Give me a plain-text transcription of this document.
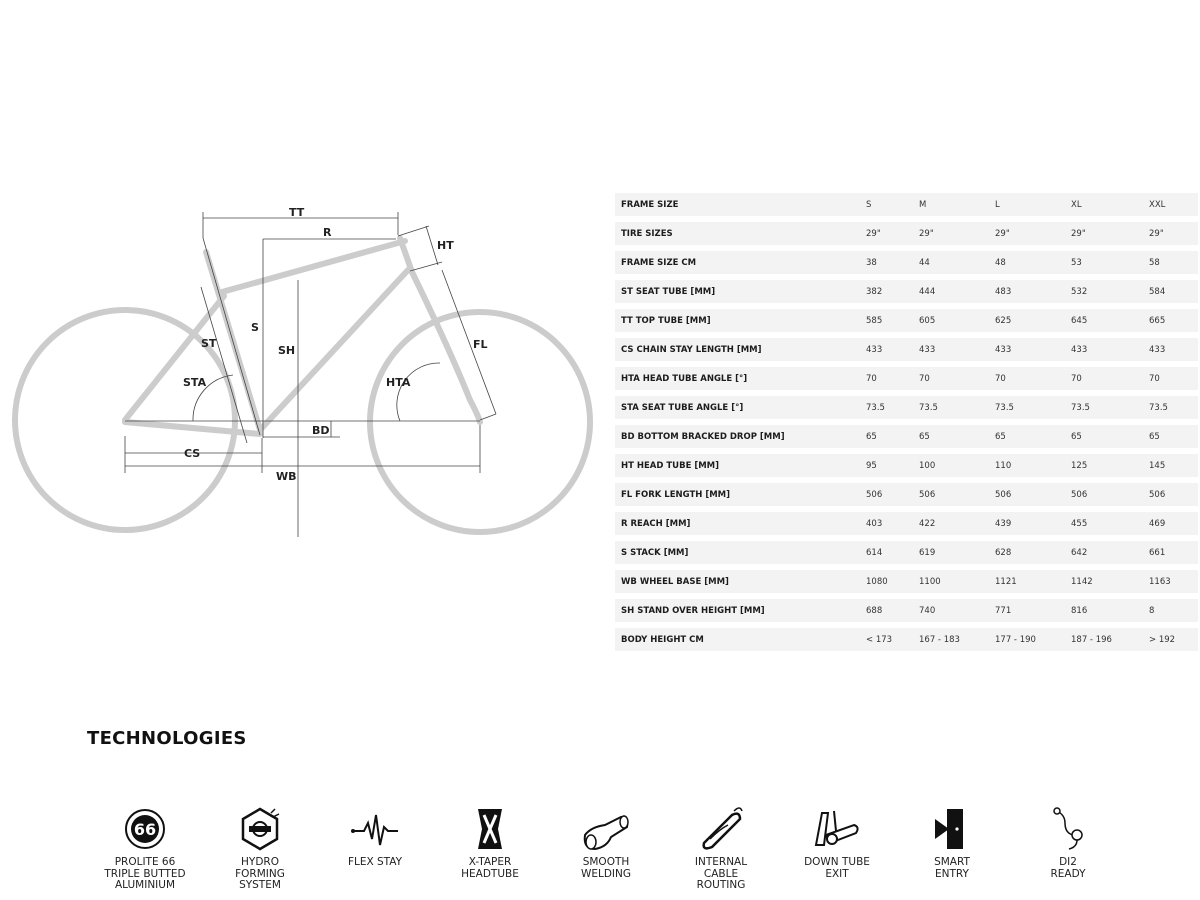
TT
R
HT
S
SH
ST
STA
FL
HTA
BD
CS
WB
FRAME SIZE	S	M	L	XL	XXL
TIRE SIZES	29"	29"	29"	29"	29"
FRAME SIZE CM	38	44	48	53	58
ST SEAT TUBE [MM]	382	444	483	532	584
TT TOP TUBE [MM]	585	605	625	645	665
CS CHAIN STAY LENGTH [MM]	433	433	433	433	433
HTA HEAD TUBE ANGLE [°]	70	70	70	70	70
STA SEAT TUBE ANGLE [°]	73.5	73.5	73.5	73.5	73.5
BD BOTTOM BRACKED DROP [MM]	65	65	65	65	65
HT HEAD TUBE [MM]	95	100	110	125	145
FL FORK LENGTH [MM]	506	506	506	506	506
R REACH [MM]	403	422	439	455	469
S STACK [MM]	614	619	628	642	661
WB WHEEL BASE [MM]	1080	1100	1121	1142	1163
SH STAND OVER HEIGHT [MM]	688	740	771	816	8
BODY HEIGHT CM	< 173	167 - 183	177 - 190	187 - 196	> 192
TECHNOLOGIES
66
PROLITE 66
TRIPLE BUTTED
ALUMINIUM
HYDRO
FORMING
SYSTEM
FLEX STAY	X-TAPER
HEADTUBE
SMOOTH
WELDING
INTERNAL
CABLE
ROUTING
DOWN TUBE
EXIT
SMART
ENTRY
DI2
READY
